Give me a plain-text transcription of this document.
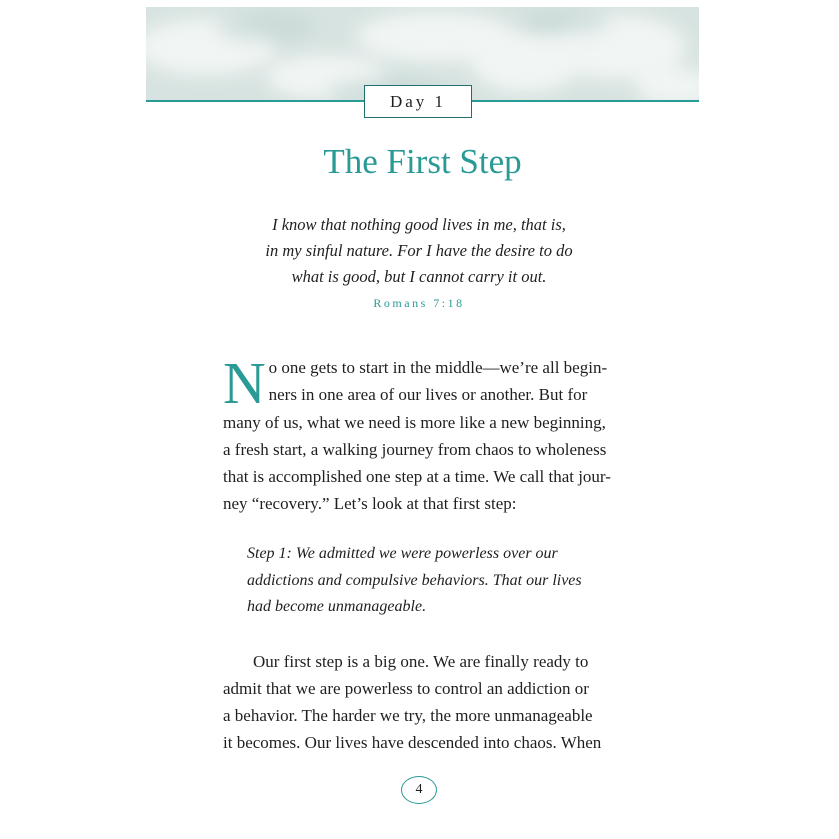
Day 1
The First Step
I know that nothing good lives in me, that is,
in my sinful nature. For I have the desire to do
what is good, but I cannot carry it out.
Romans 7:18
N o one gets to start in the middle—we’re all begin-
ners in one area of our lives or another. But for
many of us, what we need is more like a new beginning,
a fresh start, a walking journey from chaos to wholeness
that is accomplished one step at a time. We call that jour-
ney “recovery.” Let’s look at that first step:
Step 1: We admitted we were powerless over our
addictions and compulsive behaviors. That our lives
had become unmanageable.
Our first step is a big one. We are finally ready to
admit that we are powerless to control an addiction or
a behavior. The harder we try, the more unmanageable
it becomes. Our lives have descended into chaos. When
4
